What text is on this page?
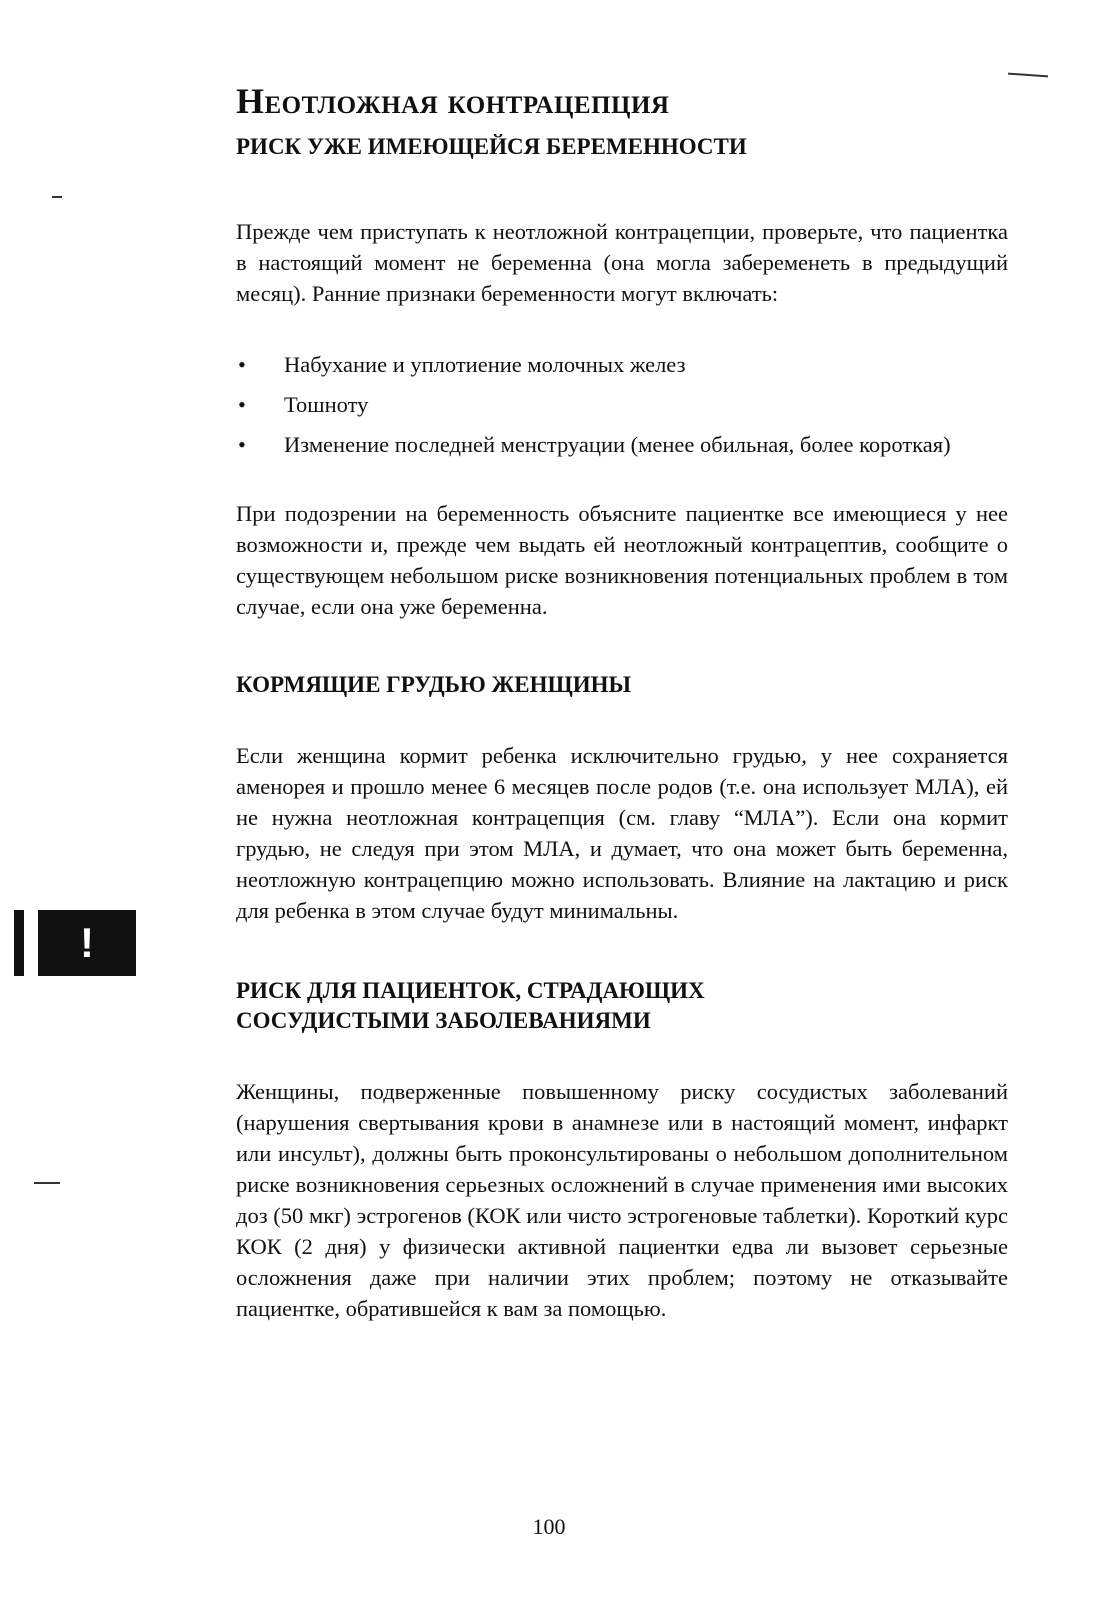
Неотложная контрацепция
РИСК УЖЕ ИМЕЮЩЕЙСЯ БЕРЕМЕННОСТИ

Прежде чем приступать к неотложной контрацепции, проверьте, что пациентка в настоящий момент не беременна (она могла забеременеть в предыдущий месяц). Ранние признаки беременности могут включать:

• Набухание и уплотиение молочных желез
• Тошноту
• Изменение последней менструации (менее обильная, более короткая)

При подозрении на беременность объясните пациентке все имеющиеся у нее возможности и, прежде чем выдать ей неотложный контрацептив, сообщите о существующем небольшом риске возникновения потенциальных проблем в том случае, если она уже беременна.

КОРМЯЩИЕ ГРУДЬЮ ЖЕНЩИНЫ

Если женщина кормит ребенка исключительно грудью, у нее сохраняется аменорея и прошло менее 6 месяцев после родов (т.е. она использует МЛА), ей не нужна неотложная контрацепция (см. главу “МЛА”). Если она кормит грудью, не следуя при этом МЛА, и думает, что она может быть беременна, неотложную контрацепцию можно использовать. Влияние на лактацию и риск для ребенка в этом случае будут минимальны.

РИСК ДЛЯ ПАЦИЕНТОК, СТРАДАЮЩИХ
СОСУДИСТЫМИ ЗАБОЛЕВАНИЯМИ

Женщины, подверженные повышенному риску сосудистых заболеваний (нарушения свертывания крови в анамнезе или в настоящий момент, инфаркт или инсульт), должны быть проконсультированы о небольшом дополнительном риске возникновения серьезных осложнений в случае применения ими высоких доз (50 мкг) эстрогенов (КОК или чисто эстрогеновые таблетки). Короткий курс КОК (2 дня) у физически активной пациентки едва ли вызовет серьезные осложнения даже при наличии этих проблем; поэтому не отказывайте пациентке, обратившейся к вам за помощью.

!
100
